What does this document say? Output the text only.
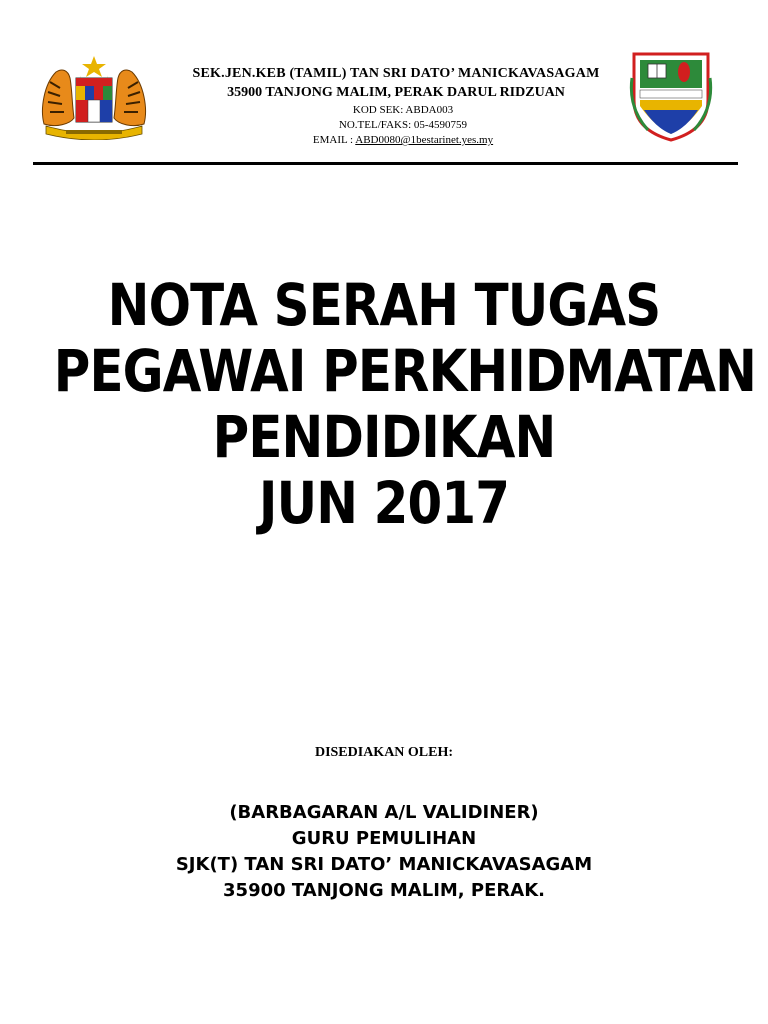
SEK.JEN.KEB (TAMIL) TAN SRI DATO’ MANICKAVASAGAM
35900 TANJONG MALIM, PERAK DARUL RIDZUAN
KOD SEK: ABDA003
NO.TEL/FAKS: 05-4590759
EMAIL : ABD0080@1bestarinet.yes.my
NOTA SERAH TUGAS
PEGAWAI PERKHIDMATAN
PENDIDIKAN
JUN 2017
DISEDIAKAN OLEH:
(BARBAGARAN A/L VALIDINER)
GURU PEMULIHAN
SJK(T) TAN SRI DATO’ MANICKAVASAGAM
35900 TANJONG MALIM, PERAK.
